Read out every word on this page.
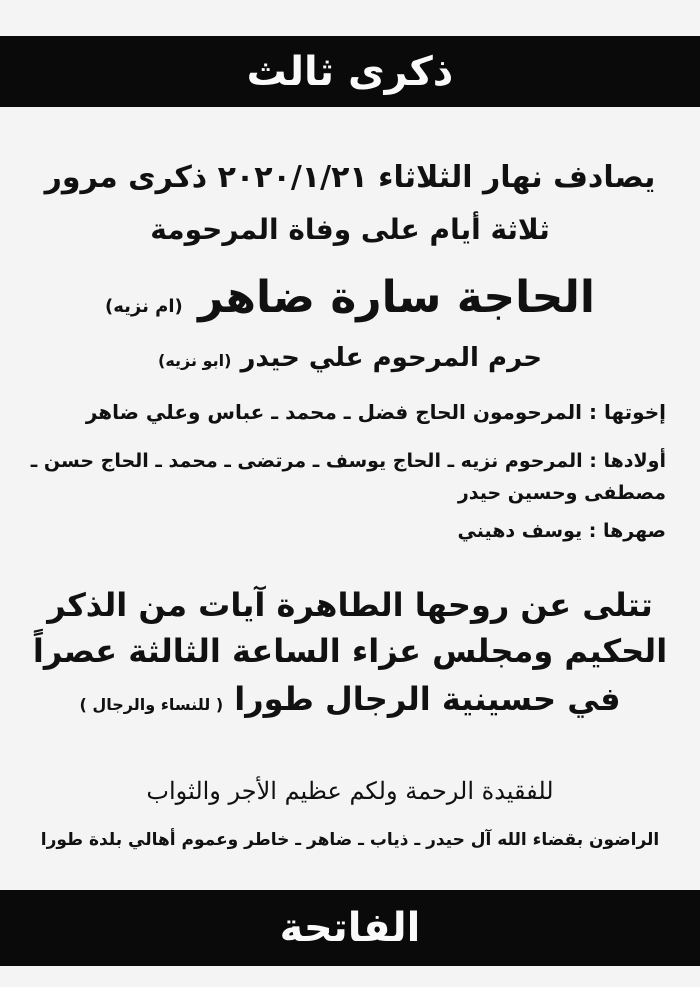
ذكرى ثالث
يصادف نهار الثلاثاء ٢٠٢٠/١/٢١ ذكرى مرور
ثلاثة أيام على وفاة المرحومة
الحاجة سارة ضاهر (ام نزيه)
حرم المرحوم علي حيدر (ابو نزيه)
إخوتها : المرحومون الحاج فضل ـ محمد ـ عباس وعلي ضاهر
أولادها : المرحوم نزيه ـ الحاج يوسف ـ مرتضى ـ محمد ـ الحاج حسن ـ
مصطفى وحسين حيدر
صهرها : يوسف دهيني
تتلى عن روحها الطاهرة آيات من الذكر
الحكيم ومجلس عزاء الساعة الثالثة عصراً
في حسينية الرجال طورا ( للنساء والرجال )
للفقيدة الرحمة ولكم عظيم الأجر والثواب
الراضون بقضاء الله آل حيدر ـ ذياب ـ ضاهر ـ خاطر وعموم أهالي بلدة طورا
الفاتحة
